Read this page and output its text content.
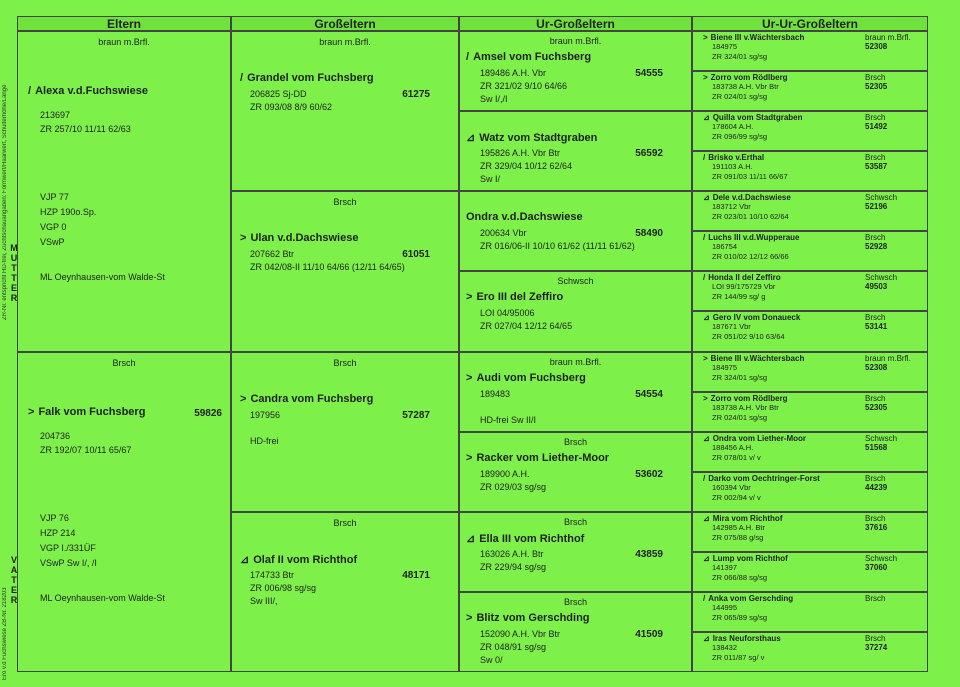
ZR-Nr. entspricht HD-frei, Zuchtschauangaben: Formwert/Haarwert, Schulterhöhe/Länge
Ero v.d Fuchswiese ZB-Nr. 218203
M
U
T
T
E
R
V
A
T
E
R
Eltern	Großeltern	Ur-Großeltern	Ur-Ur-Großeltern
braun m.Brfl.
/ Alexa v.d.Fuchswiese
213697
ZR 257/10 11/11 62/63
VJP 77
HZP 190o.Sp.
VGP 0
VSwP
ML Oeynhausen-vom Walde-St
Brsch
> Falk vom Fuchsberg	59826
204736
ZR 192/07 10/11 65/67
VJP 76
HZP 214
VGP I./331ÜF
VSwP Sw I/, /I
ML Oeynhausen-vom Walde-St
braun m.Brfl.
/ Grandel vom Fuchsberg
61275
206825 Sj-DD
ZR 093/08 8/9 60/62
Brsch
> Ulan v.d.Dachswiese
61051
207662 Btr
ZR 042/08-II 11/10 64/66 (12/11 64/65)
Brsch
> Candra vom Fuchsberg
57287
197956
HD-frei
Brsch
⊿ Olaf II vom Richthof
48171
174733 Btr
ZR 006/98 sg/sg
Sw III/,
braun m.Brfl.
/ Amsel vom Fuchsberg
54555
189486 A.H. Vbr
ZR 321/02 9/10 64/66
Sw I/,/I
⊿ Watz vom Stadtgraben
56592
195826 A.H. Vbr Btr
ZR 329/04 10/12 62/64
Sw I/
Ondra v.d.Dachswiese
58490
200634 Vbr
ZR 016/06-II 10/10 61/62 (11/11 61/62)
Schwsch
> Ero III del Zeffiro
LOI 04/95006
ZR 027/04 12/12 64/65
braun m.Brfl.
> Audi vom Fuchsberg
54554
189483
HD-frei Sw II/I
Brsch
> Racker vom Liether-Moor
53602
189900 A.H.
ZR 029/03 sg/sg
Brsch
⊿ Ella III vom Richthof
43859
163026 A.H. Btr
ZR 229/94 sg/sg
Brsch
> Blitz vom Gerschding
41509
152090 A.H. Vbr Btr
ZR 048/91 sg/sg
Sw 0/
> Biene III v.Wächtersbach	braun m.Brfl.
52308
184975
ZR 324/01 sg/sg
> Zorro vom Rödlberg	Brsch
52305
183738 A.H. Vbr Btr
ZR 024/01 sg/sg
⊿ Quilla vom Stadtgraben	Brsch
51492
178604 A.H.
ZR 096/99 sg/sg
/ Brisko v.Erthal	Brsch
53587
191103 A.H.
ZR 091/03 11/11 66/67
⊿ Dele v.d.Dachswiese	Schwsch
52196
183712 Vbr
ZR 023/01 10/10 62/64
/ Luchs III v.d.Wupperaue	Brsch
52928
186754
ZR 010/02 12/12 66/66
/ Honda II del Zeffiro	Schwsch
49503
LOI 99/175729 Vbr
ZR 144/99 sg/ g
⊿ Gero IV vom Donaueck	Brsch
53141
187671 Vbr
ZR 051/02 9/10 63/64
> Biene III v.Wächtersbach	braun m.Brfl.
52308
184975
ZR 324/01 sg/sg
> Zorro vom Rödlberg	Brsch
52305
183738 A.H. Vbr Btr
ZR 024/01 sg/sg
⊿ Ondra vom Liether-Moor	Schwsch
51568
188456 A.H.
ZR 078/01 v/ v
/ Darko vom Oechtringer-Forst	Brsch
44239
160394 Vbr
ZR 002/94 v/ v
⊿ Mira vom Richthof	Brsch
37616
142985 A.H. Btr
ZR 075/88 g/sg
⊿ Lump vom Richthof	Schwsch
37060
141397
ZR 066/88 sg/sg
/ Anka vom Gerschding	Brsch
144995
ZR 065/89 sg/sg
⊿ Iras Neuforsthaus	Brsch
37274
138432
ZR 011/87 sg/ v
